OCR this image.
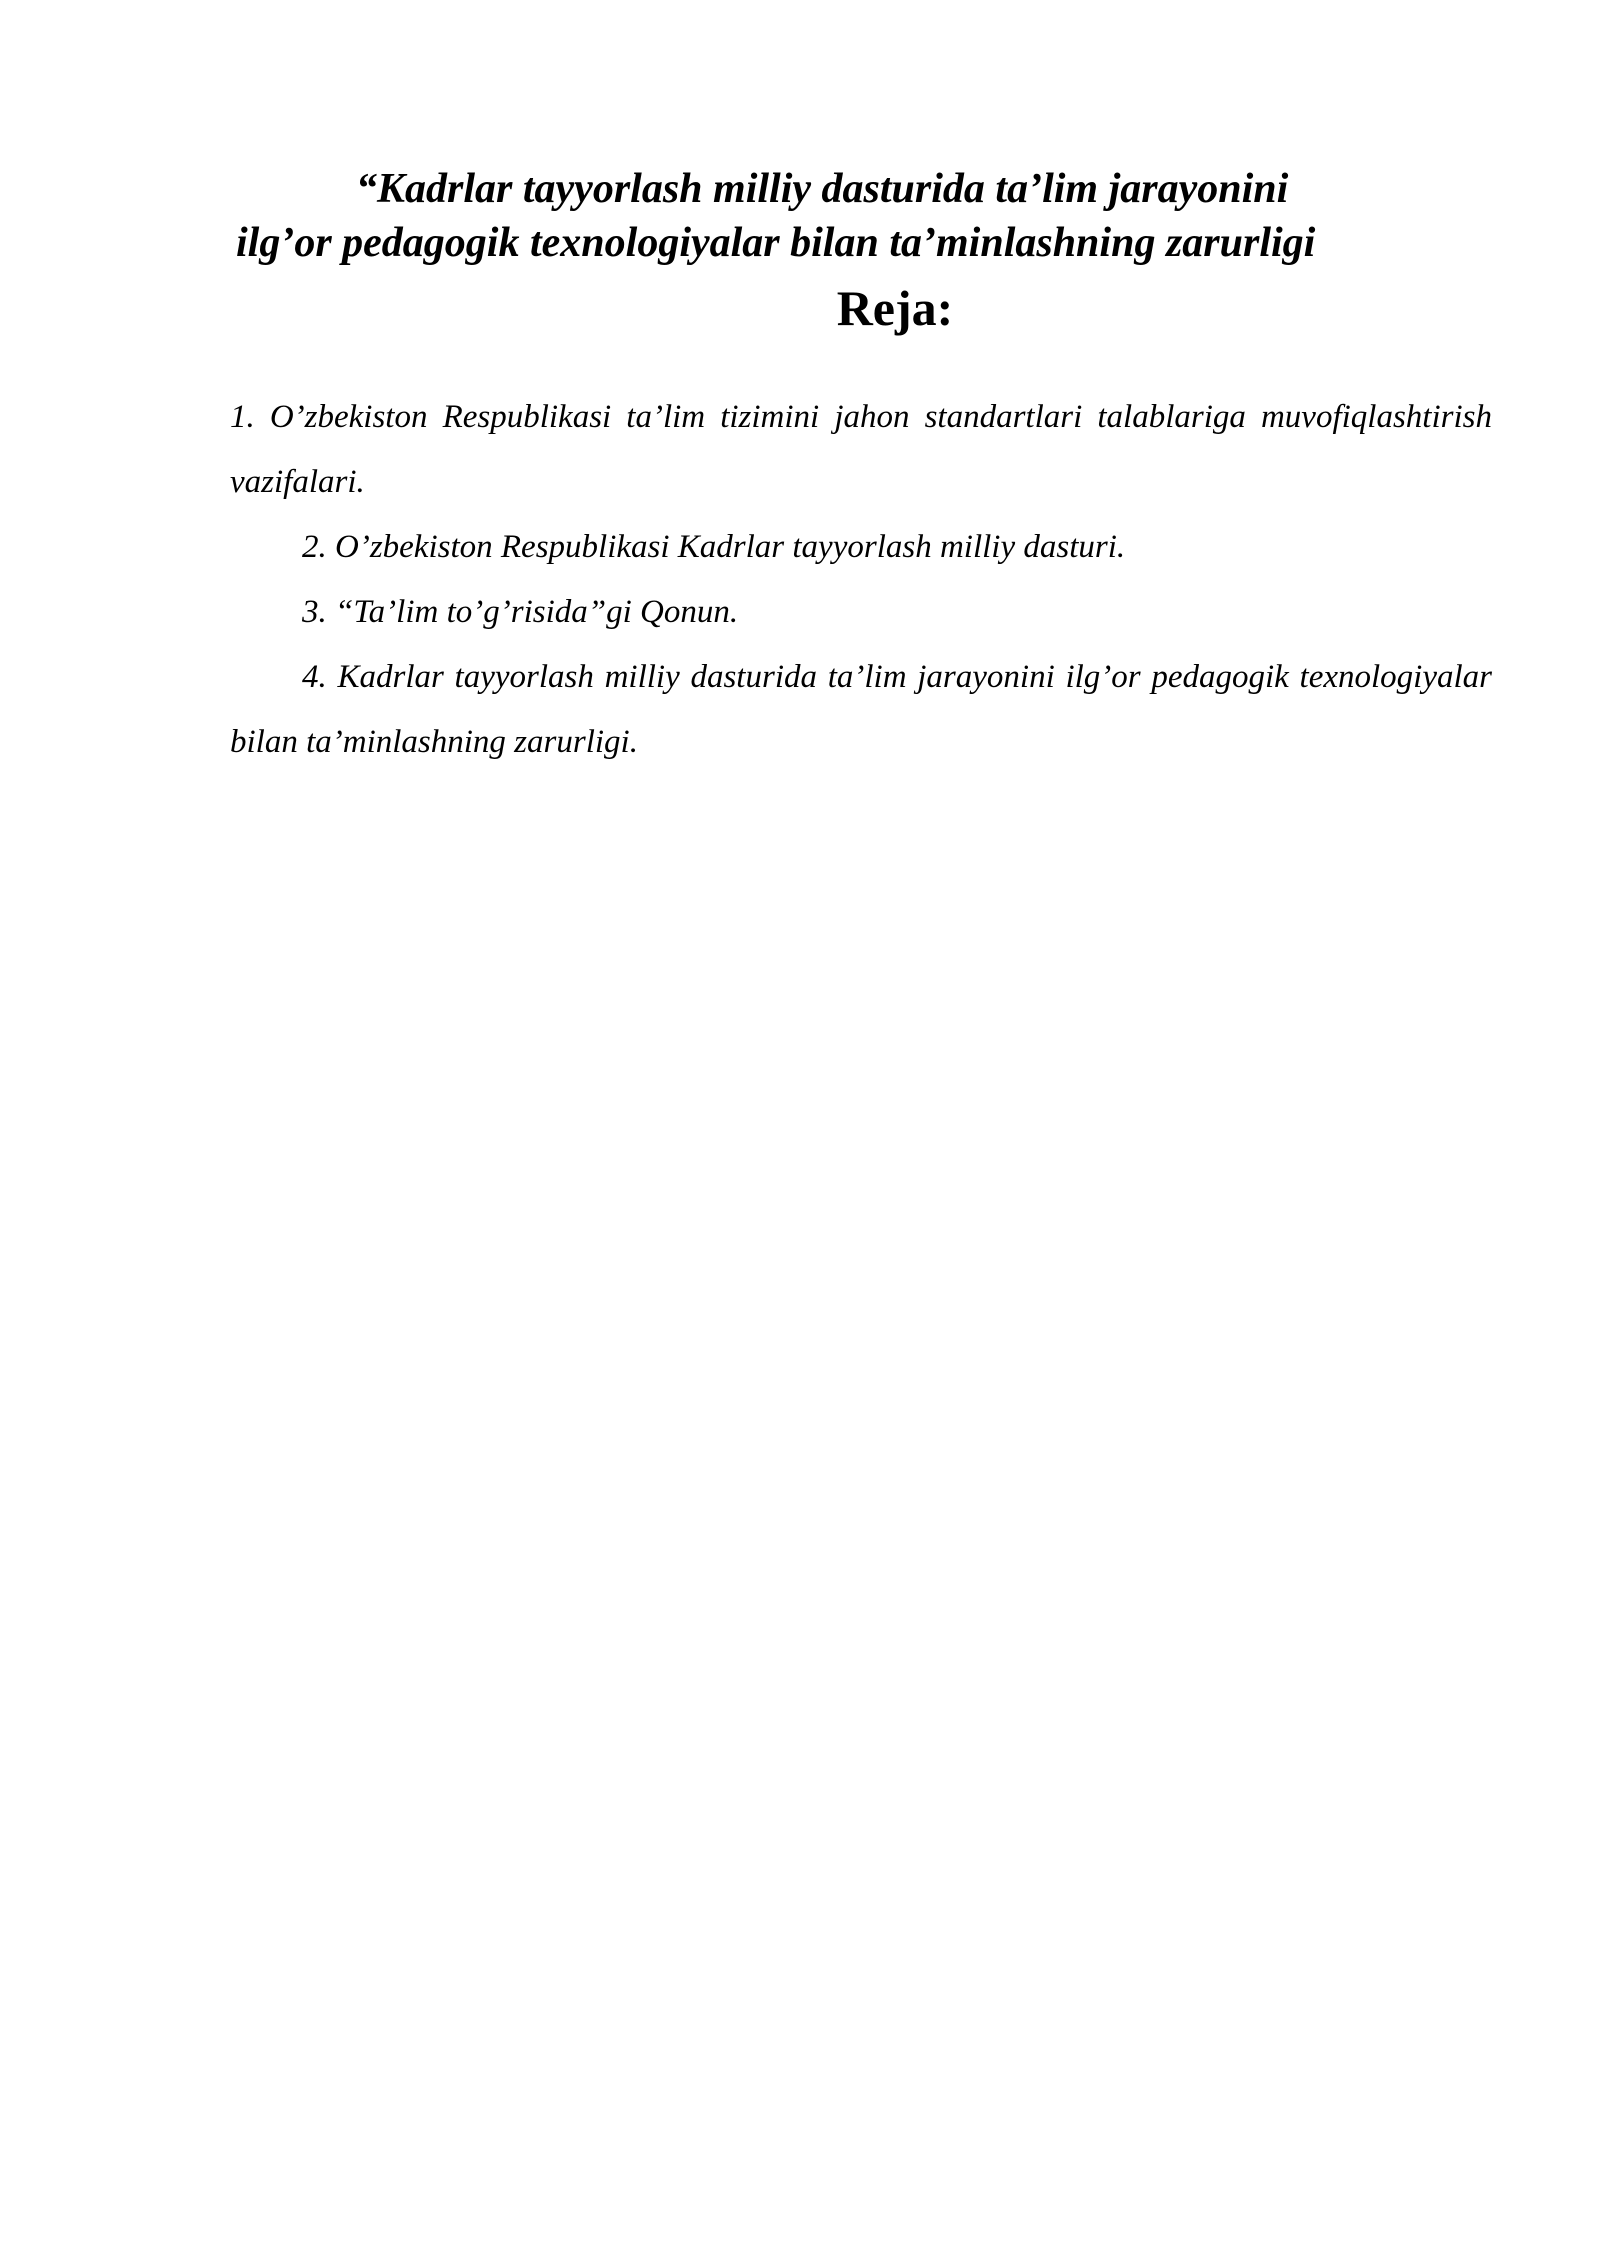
“Kadrlar tayyorlash milliy dasturida ta’lim jarayonini
ilg’or pedagogik texnologiyalar bilan ta’minlashning zarurligi
Reja:

1. O’zbekiston Respublikasi ta’lim tizimini jahon standartlari talablariga muvofiqlashtirish vazifalari.

2. O’zbekiston Respublikasi Kadrlar tayyorlash milliy dasturi.

3. “Ta’lim to’g’risida”gi Qonun.

4. Kadrlar tayyorlash milliy dasturida ta’lim jarayonini ilg’or pedagogik texnologiyalar bilan ta’minlashning zarurligi.
